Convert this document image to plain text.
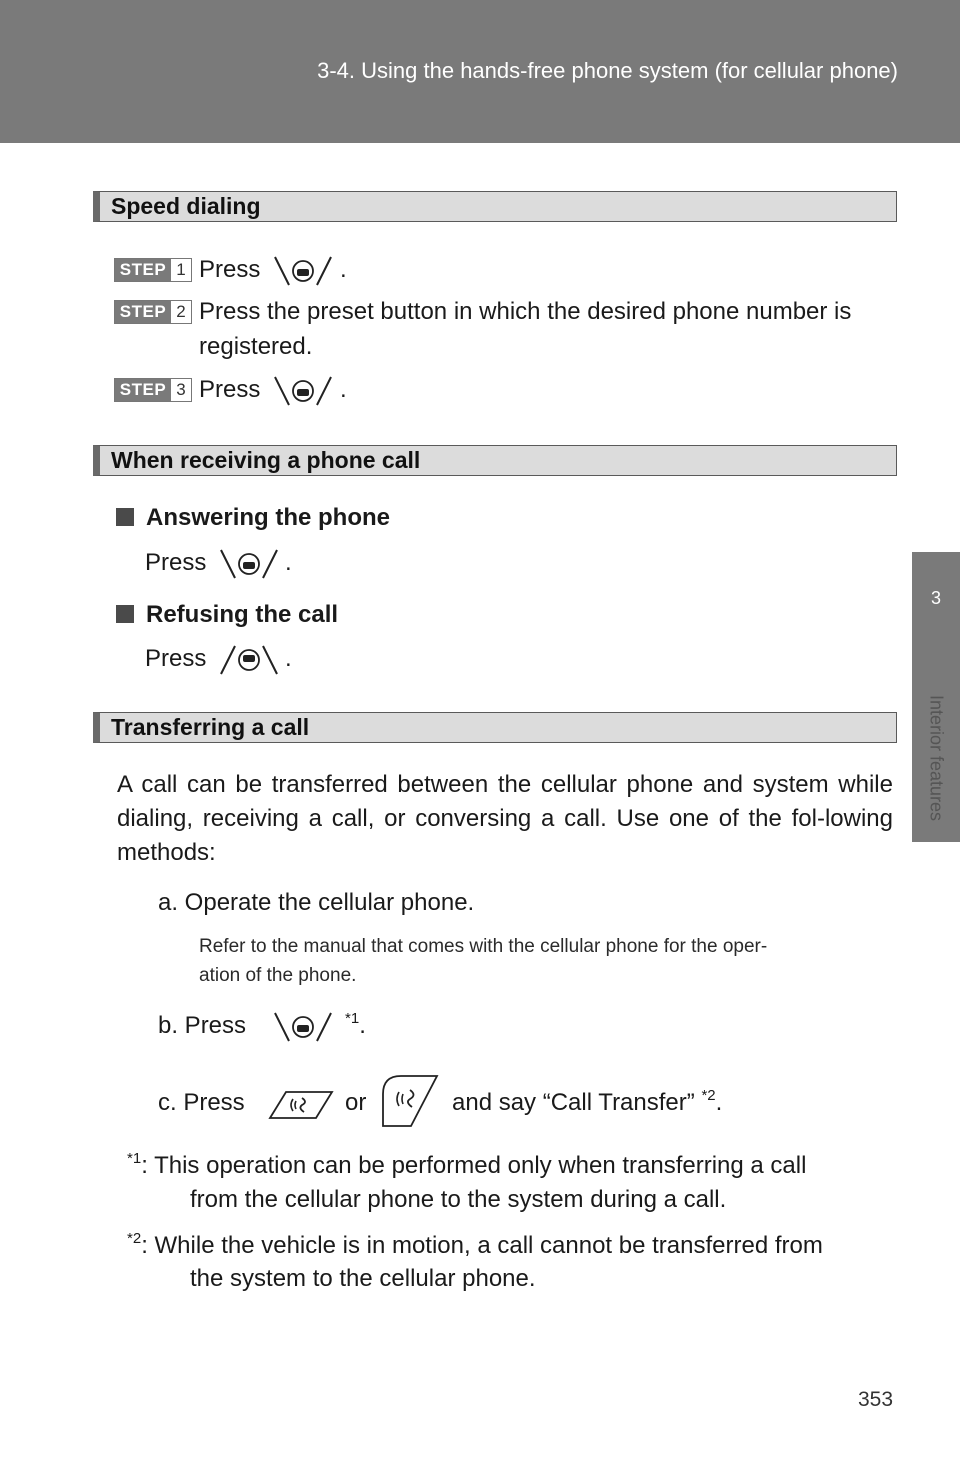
3-4. Using the hands-free phone system (for cellular phone)
3
Interior features
Speed dialing
STEP 1 Press	.
STEP 2 Press the preset button in which the desired phone number is
registered.
STEP 3 Press	.
When receiving a phone call
Answering the phone
Press	.
Refusing the call
Press	.
Transferring a call
A call can be transferred between the cellular phone and system while dialing, receiving a call, or conversing a call. Use one of the fol-lowing methods:
a. Operate the cellular phone.
Refer to the manual that comes with the cellular phone for the oper-
ation of the phone.
b. Press	$^{*1}$.
c. Press	or	and say “Call Transfer” $^{*2}$.
$^{*1}$: This operation can be performed only when transferring a call
from the cellular phone to the system during a call.
$^{*2}$: While the vehicle is in motion, a call cannot be transferred from
the system to the cellular phone.
353
